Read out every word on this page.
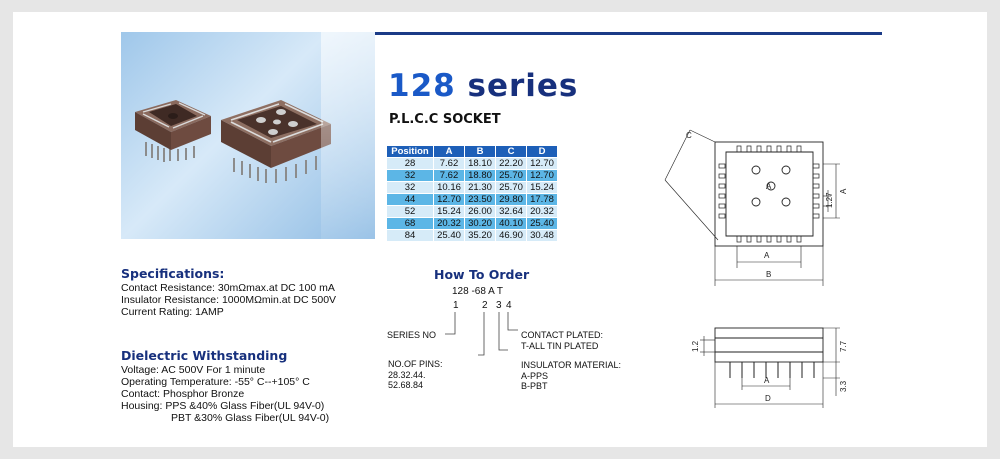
128 series
P.L.C.C SOCKET
Position	A	B	C	D
28	7.62	18.10	22.20	12.70
32	7.62	18.80	25.70	12.70
32	10.16	21.30	25.70	15.24
44	12.70	23.50	29.80	17.78
52	15.24	26.00	32.64	20.32
68	20.32	30.20	40.10	25.40
84	25.40	35.20	46.90	30.48
Specifications:
Contact Resistance: 30mΩmax.at DC 100 mA
Insulator Resistance: 1000MΩmin.at DC 500V
Current Rating: 1AMP
Dielectric Withstanding
Voltage: AC 500V For 1 minute
Operating Temperature: -55° C--+105° C
Contact: Phosphor Bronze
Housing: PPS &40% Glass Fiber(UL 94V-0)
PBT &30% Glass Fiber(UL 94V-0)
How To Order
128 -68 A T
1 2 3 4
SERIES NO
NO.OF PINS:
28.32.44.
52.68.84
CONTACT PLATED:
T-ALL TIN PLATED
INSULATOR MATERIAL:
A-PPS
B-PBT
C
A
A
B
A
1.27
A
D
1.2	7.7
3.3
